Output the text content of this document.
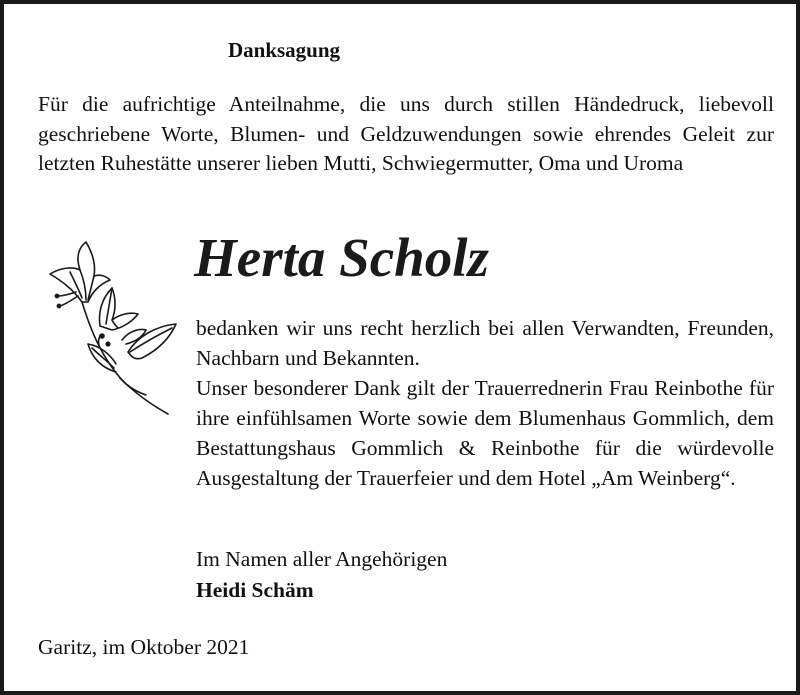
Danksagung
Für die aufrichtige Anteilnahme, die uns durch stillen Händedruck, liebevoll geschriebene Worte, Blumen- und Geldzuwendungen sowie ehrendes Geleit zur letzten Ruhestätte unserer lieben Mutti, Schwiegermutter, Oma und Uroma
Herta Scholz

bedanken wir uns recht herzlich bei allen Verwandten, Freunden, Nachbarn und Bekannten.

Unser besonderer Dank gilt der Trauerrednerin Frau Reinbothe für ihre einfühlsamen Worte sowie dem Blumenhaus Gommlich, dem Bestattungshaus Gommlich & Reinbothe für die würdevolle Ausgestaltung der Trauerfeier und dem Hotel „Am Weinberg“.

Im Namen aller Angehörigen
Heidi Schäm
Garitz, im Oktober 2021
